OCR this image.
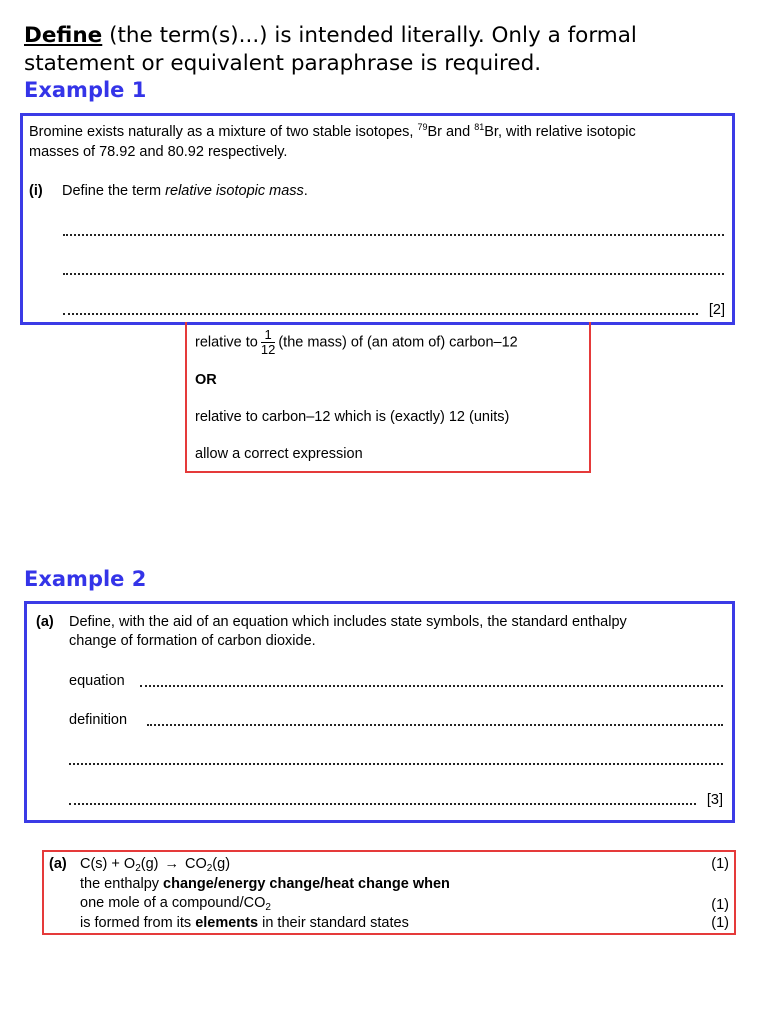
Define (the term(s)...) is intended literally. Only a formal statement or equivalent paraphrase is required.
Example 1
Bromine exists naturally as a mixture of two stable isotopes, $^{79}$Br and $^{81}$Br, with relative isotopic
masses of 78.92 and 80.92 respectively.
(i) Define the term relative isotopic mass.
[2]
relative to $\frac{1}{12} (the$ mass) of (an atom of) carbon–12
OR
relative to carbon–12 which is (exactly) 12 (units)
allow a correct expression
Example 2
(a) Define, with the aid of an equation which includes state symbols, the standard enthalpy
change of formation of carbon dioxide.
equation
definition
[3]
(a) $C(s) + O_2(g) \to CO_2(g)$	(1)
the enthalpy change/energy change/heat change when
one mole of a compound/$CO_2$	(1)
is formed from its elements in their standard states	(1)
